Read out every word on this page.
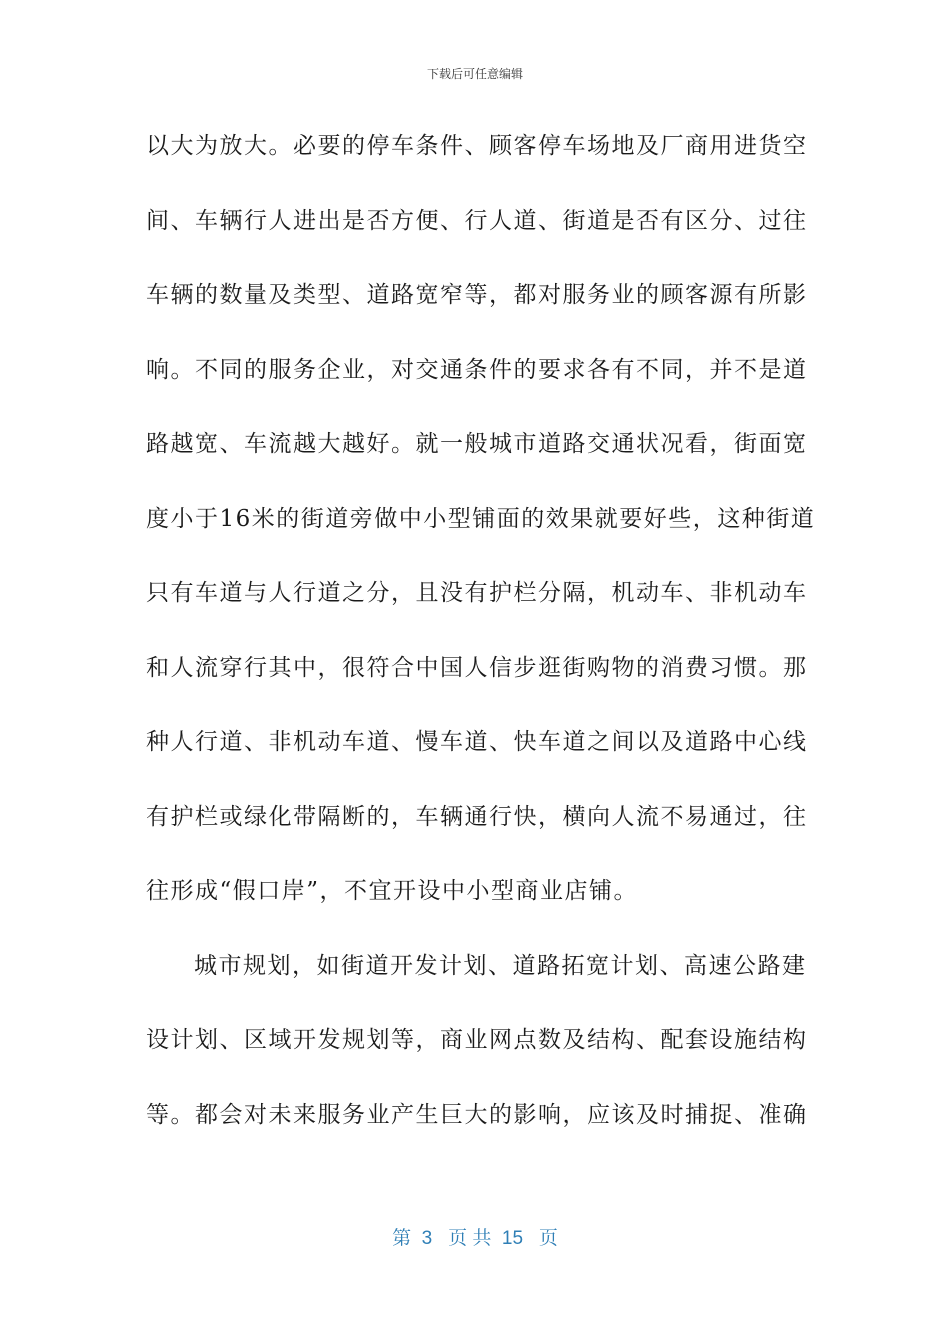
下载后可任意编辑
以大为放大。必要的停车条件、顾客停车场地及厂商用进货空
间、车辆行人进出是否方便、行人道、街道是否有区分、过往
车辆的数量及类型、道路宽窄等，都对服务业的顾客源有所影
响。不同的服务企业，对交通条件的要求各有不同，并不是道
路越宽、车流越大越好。就一般城市道路交通状况看，街面宽
度小于16米的街道旁做中小型铺面的效果就要好些，这种街道
只有车道与人行道之分，且没有护栏分隔，机动车、非机动车
和人流穿行其中，很符合中国人信步逛街购物的消费习惯。那
种人行道、非机动车道、慢车道、快车道之间以及道路中心线
有护栏或绿化带隔断的，车辆通行快，横向人流不易通过，往
往形成“假口岸”，不宜开设中小型商业店铺。
城市规划，如街道开发计划、道路拓宽计划、高速公路建
设计划、区域开发规划等，商业网点数及结构、配套设施结构
等。都会对未来服务业产生巨大的影响，应该及时捕捉、准确
第  3   页 共  15   页
